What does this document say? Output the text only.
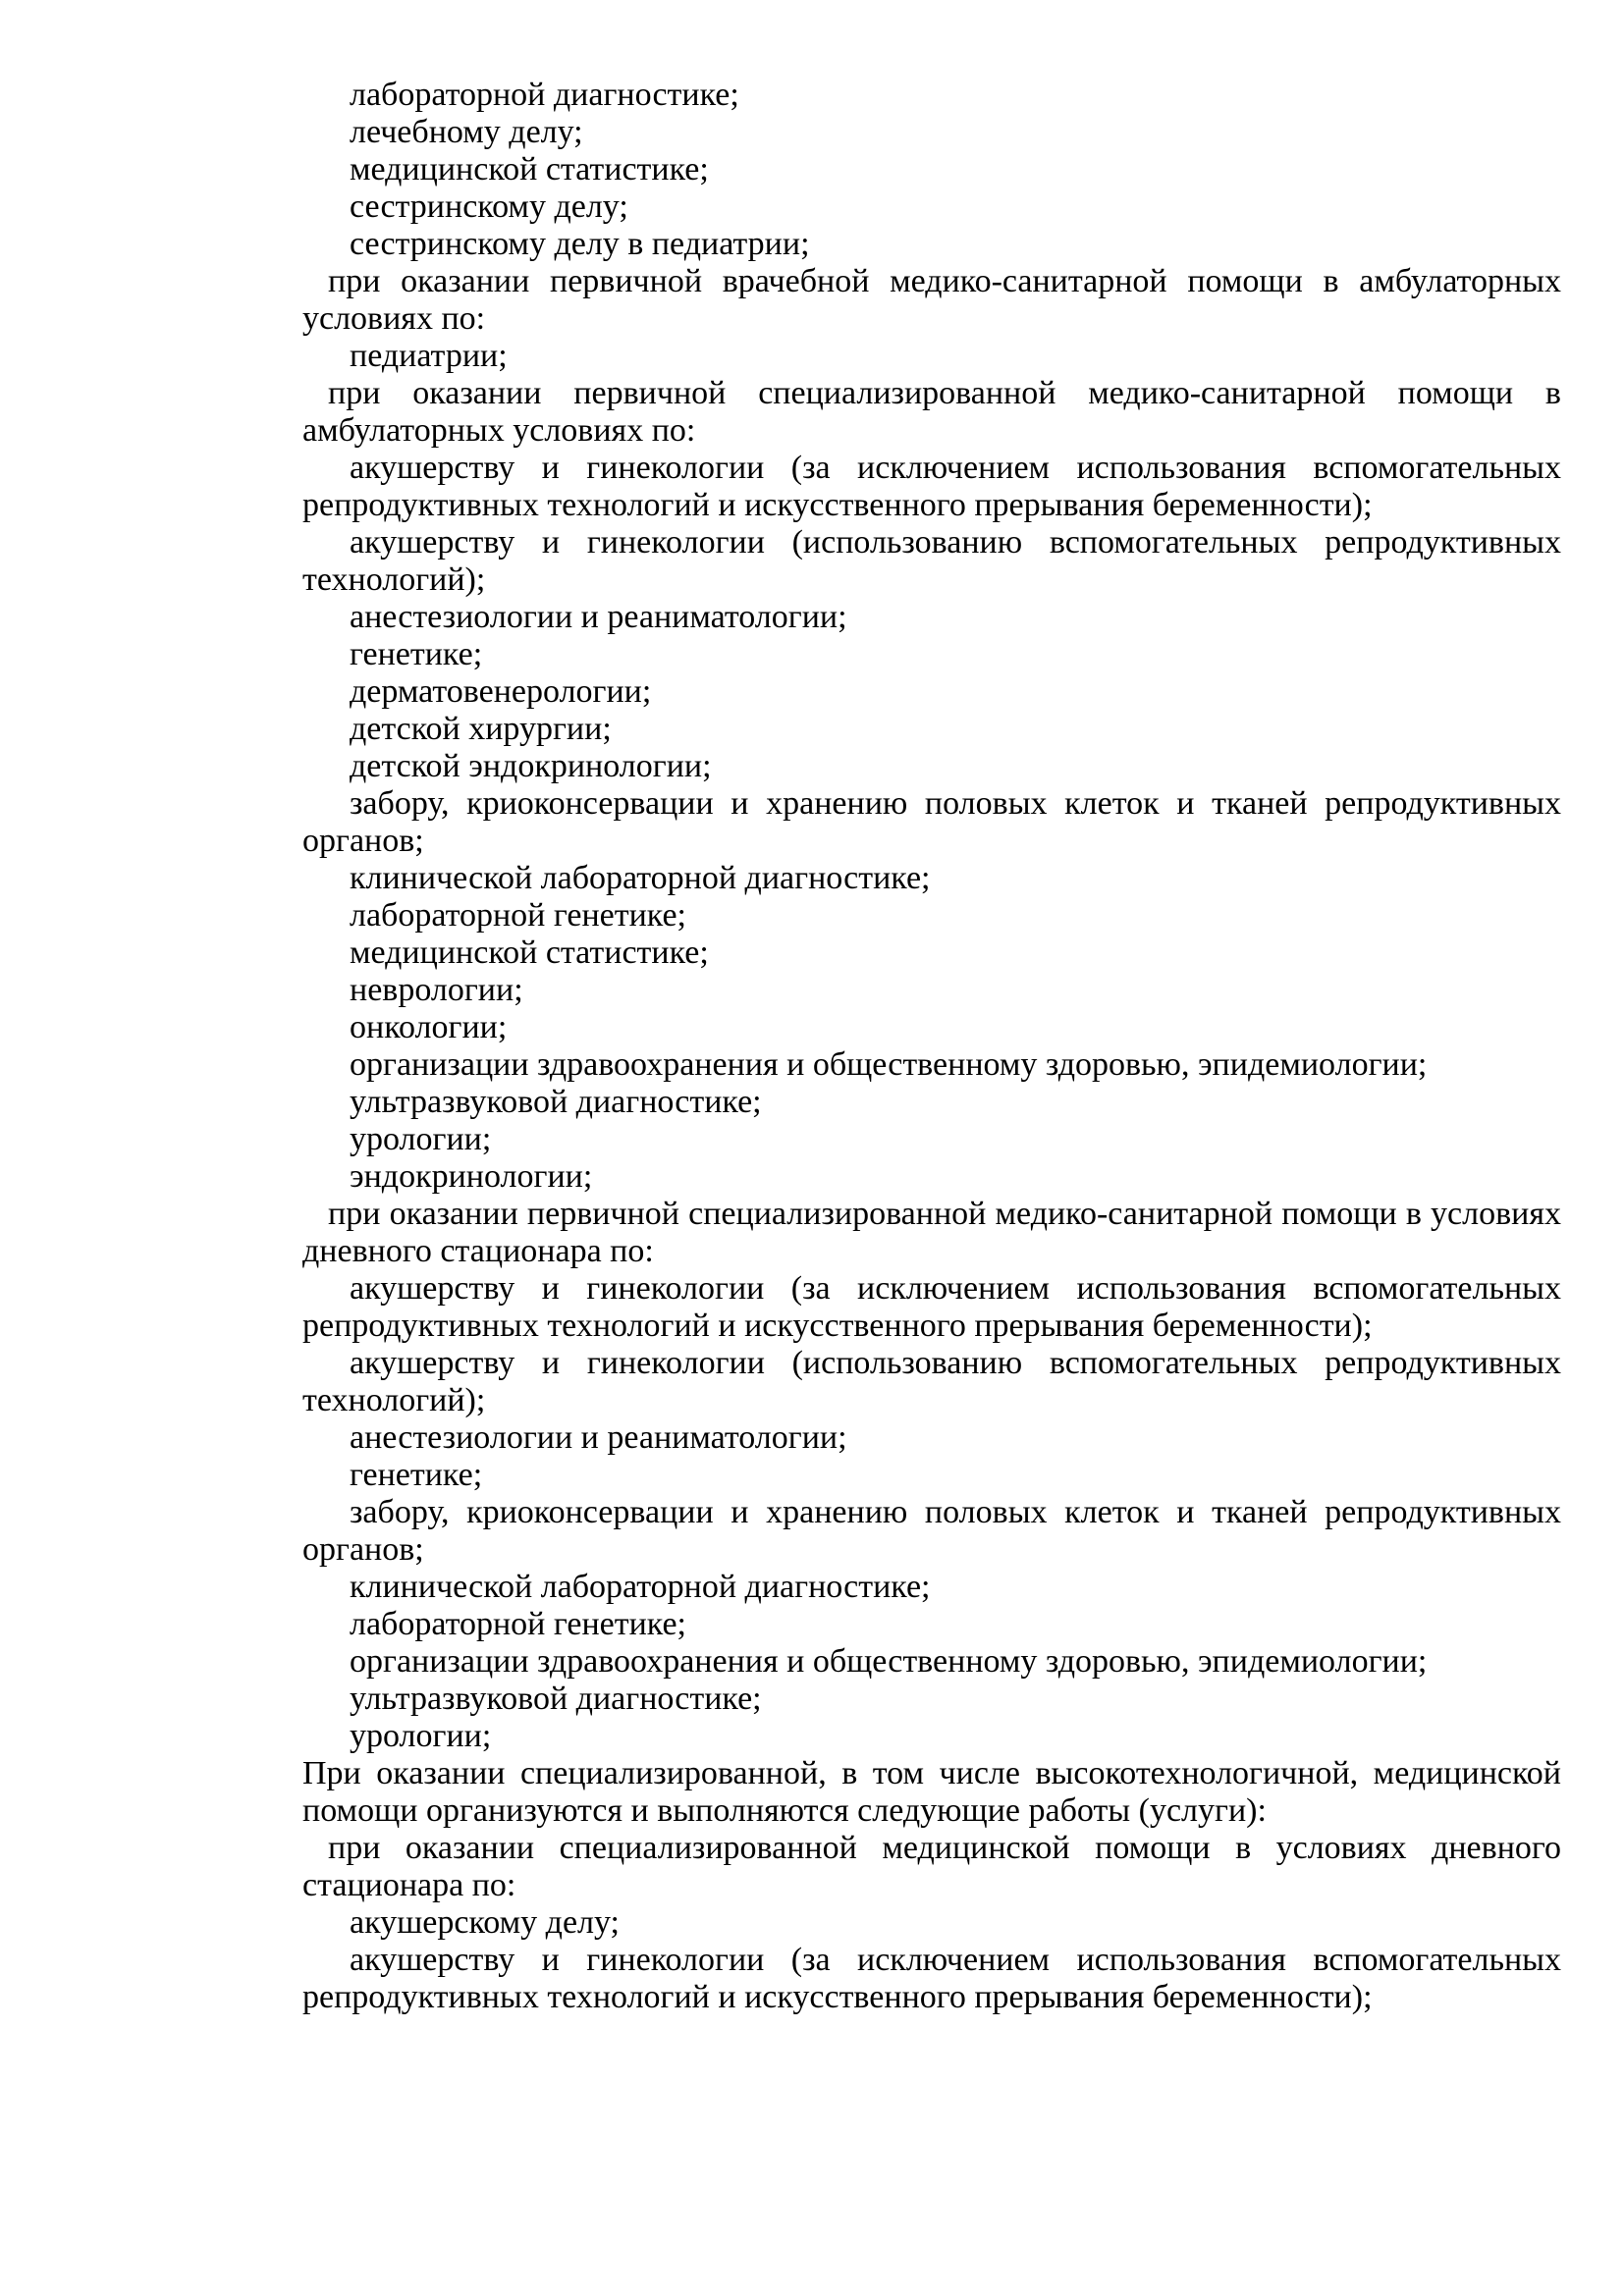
лабораторной диагностике;
лечебному делу;
медицинской статистике;
сестринскому делу;
сестринскому делу в педиатрии;
при оказании первичной врачебной медико-санитарной помощи в амбулаторных
условиях по:
педиатрии;
при оказании первичной специализированной медико-санитарной помощи в
амбулаторных условиях по:
акушерству и гинекологии (за исключением использования вспомогательных
репродуктивных технологий и искусственного прерывания беременности);
акушерству и гинекологии (использованию вспомогательных репродуктивных
технологий);
анестезиологии и реаниматологии;
генетике;
дерматовенерологии;
детской хирургии;
детской эндокринологии;
забору, криоконсервации и хранению половых клеток и тканей репродуктивных
органов;
клинической лабораторной диагностике;
лабораторной генетике;
медицинской статистике;
неврологии;
онкологии;
организации здравоохранения и общественному здоровью, эпидемиологии;
ультразвуковой диагностике;
урологии;
эндокринологии;
при оказании первичной специализированной медико-санитарной помощи в условиях
дневного стационара по:
акушерству и гинекологии (за исключением использования вспомогательных
репродуктивных технологий и искусственного прерывания беременности);
акушерству и гинекологии (использованию вспомогательных репродуктивных
технологий);
анестезиологии и реаниматологии;
генетике;
забору, криоконсервации и хранению половых клеток и тканей репродуктивных
органов;
клинической лабораторной диагностике;
лабораторной генетике;
организации здравоохранения и общественному здоровью, эпидемиологии;
ультразвуковой диагностике;
урологии;
При оказании специализированной, в том числе высокотехнологичной, медицинской
помощи организуются и выполняются следующие работы (услуги):
при оказании специализированной медицинской помощи в условиях дневного
стационара по:
акушерскому делу;
акушерству и гинекологии (за исключением использования вспомогательных
репродуктивных технологий и искусственного прерывания беременности);
